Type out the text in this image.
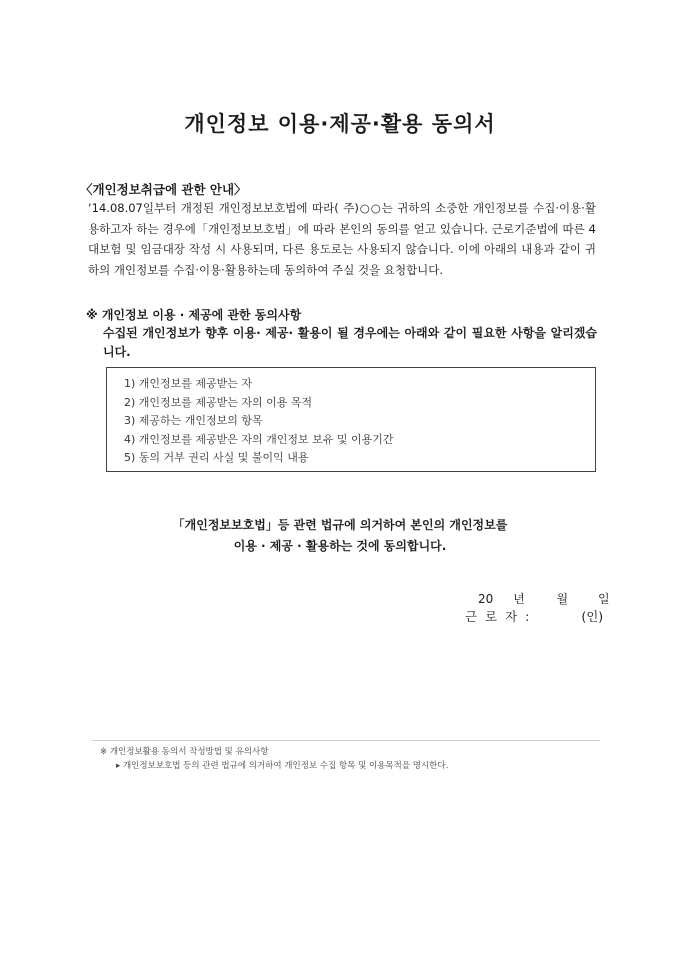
개인정보 이용·제공·활용 동의서
〈개인정보취급에 관한 안내〉

‘14.08.07일부터 개정된 개인정보보호법에 따라( 주)○○는 귀하의 소중한 개인정보를 수집·이용·활용하고자 하는 경우에「개인정보보호법」에 따라 본인의 동의를 얻고 있습니다. 근로기준법에 따른 4대보험 및 임금대장 작성 시 사용되며, 다른 용도로는 사용되지 않습니다. 이에 아래의 내용과 같이 귀하의 개인정보를 수집·이용·활용하는데 동의하여 주실 것을 요청합니다.

※ 개인정보 이용 · 제공에 관한 동의사항

수집된 개인정보가 향후 이용· 제공· 활용이 될 경우에는 아래와 같이 필요한 사항을 알리겠습니다.

1) 개인정보를 제공받는 자
2) 개인정보를 제공받는 자의 이용 목적
3) 제공하는 개인정보의 항목
4) 개인정보를 제공받은 자의 개인정보 보유 및 이용기간
5) 동의 거부 권리 사실 및 불이익 내용
「개인정보보호법」등 관련 법규에 의거하여 본인의 개인정보를
이용 · 제공 · 활용하는 것에 동의합니다.
20 년	월 일
근 로 자 :	(인)
※ 개인정보활용 동의서 작성방법 및 유의사항
▸ 개인정보보호법 등의 관련 법규에 의거하여 개인정보 수집 항목 및 이용목적을 명시한다.
